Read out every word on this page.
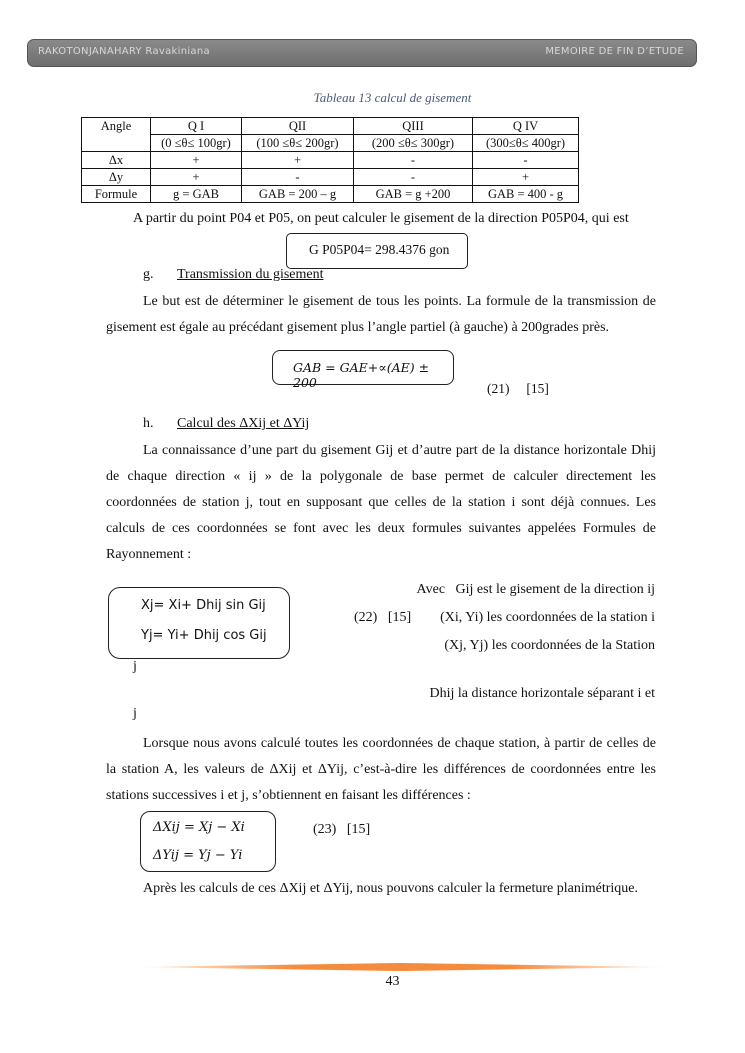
RAKOTONJANAHARY Ravakiniana	MEMOIRE DE FIN D’ETUDE
Tableau 13 calcul de gisement
Angle	Q I	QII	QIII	Q IV
	(0 ≤θ≤ 100gr)	(100 ≤θ≤ 200gr)	(200 ≤θ≤ 300gr)	(300≤θ≤ 400gr)
Δx	+	+	-	-
Δy	+	-	-	+
Formule	g = GAB	GAB = 200 – g	GAB = g +200	GAB = 400 - g
A partir du point P04 et P05, on peut calculer le gisement de la direction P05P04, qui est
G P05P04= 298.4376 gon
g. Transmission du gisement
Le but est de déterminer le gisement de tous les points. La formule de la transmission de gisement est égale au précédant gisement plus l’angle partiel (à gauche) à 200grades près.
GAB = GAE+∝(AE) ± 200	(21)     [15]
h. Calcul des ΔXij et ΔYij
La connaissance d’une part du gisement Gij et d’autre part de la distance horizontale Dhij de chaque direction « ij » de la polygonale de base permet de calculer directement les coordonnées de station j, tout en supposant que celles de la station i sont déjà connues. Les calculs de ces coordonnées se font avec les deux formules suivantes appelées Formules de Rayonnement :
Xj= Xi+ Dhij sin Gij
Yj= Yi+ Dhij cos Gij
Avec   Gij est le gisement de la direction ij
(22)   [15] (Xi, Yi) les coordonnées de la station i
(Xj, Yj) les coordonnées de la Station
j
Dhij la distance horizontale séparant i et
j
Lorsque nous avons calculé toutes les coordonnées de chaque station, à partir de celles de la station A, les valeurs de ΔXij et ΔYij, c’est-à-dire les différences de coordonnées entre les stations successives i et j, s’obtiennent en faisant les différences :
ΔXij = Xj − Xi
ΔYij = Yj − Yi
(23)   [15]
Après les calculs de ces ΔXij et ΔYij, nous pouvons calculer la fermeture planimétrique.
43
